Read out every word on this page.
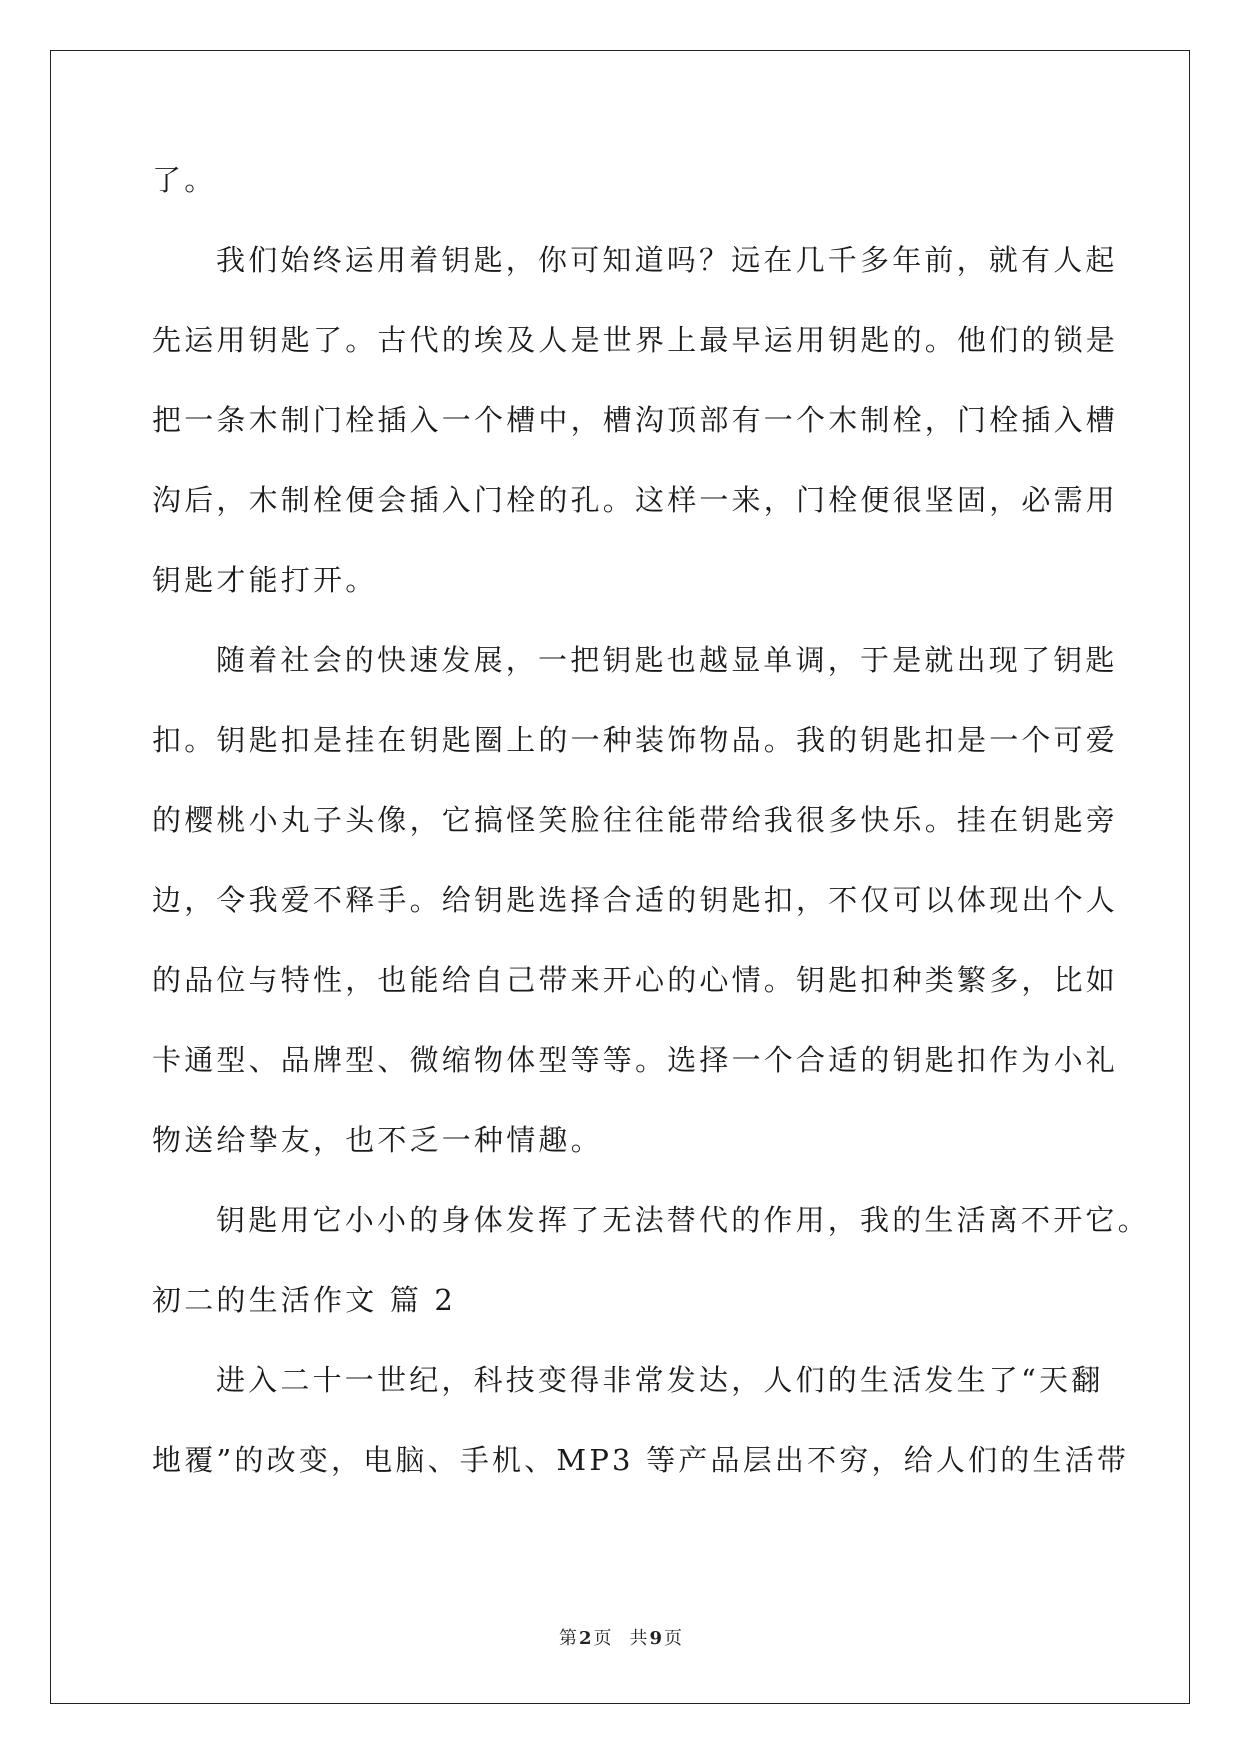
了。
我们始终运用着钥匙，你可知道吗？远在几千多年前，就有人起
先运用钥匙了。古代的埃及人是世界上最早运用钥匙的。他们的锁是
把一条木制门栓插入一个槽中，槽沟顶部有一个木制栓，门栓插入槽
沟后，木制栓便会插入门栓的孔。这样一来，门栓便很坚固，必需用
钥匙才能打开。
随着社会的快速发展，一把钥匙也越显单调，于是就出现了钥匙
扣。钥匙扣是挂在钥匙圈上的一种装饰物品。我的钥匙扣是一个可爱
的樱桃小丸子头像，它搞怪笑脸往往能带给我很多快乐。挂在钥匙旁
边，令我爱不释手。给钥匙选择合适的钥匙扣，不仅可以体现出个人
的品位与特性，也能给自己带来开心的心情。钥匙扣种类繁多，比如
卡通型、品牌型、微缩物体型等等。选择一个合适的钥匙扣作为小礼
物送给挚友，也不乏一种情趣。
钥匙用它小小的身体发挥了无法替代的作用，我的生活离不开它。
初二的生活作文 篇 2
进入二十一世纪，科技变得非常发达，人们的生活发生了“天翻
地覆”的改变，电脑、手机、MP3 等产品层出不穷，给人们的生活带
第 2 页　共 9 页
